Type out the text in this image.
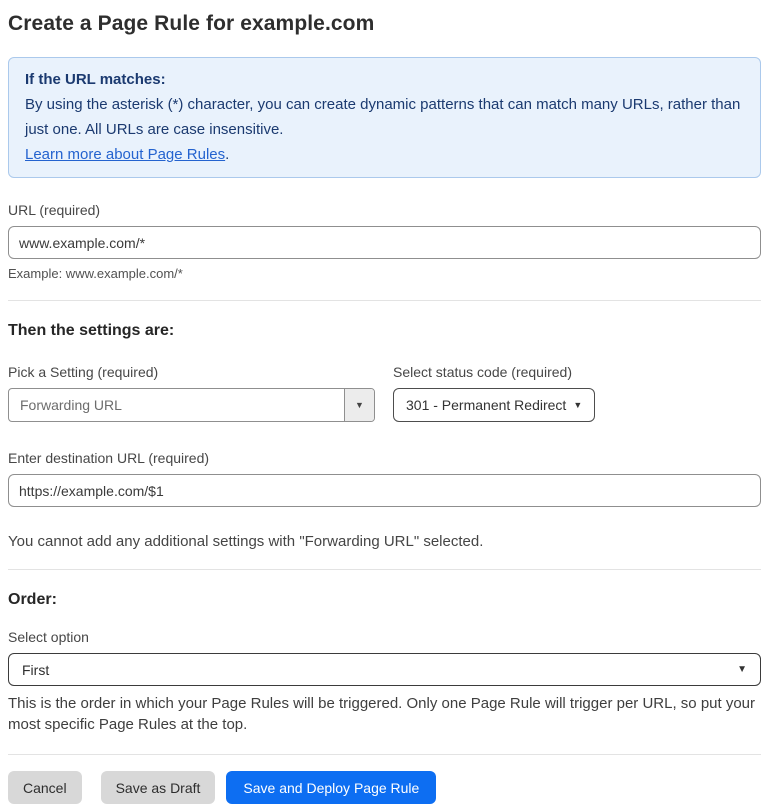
Create a Page Rule for example.com
If the URL matches:
By using the asterisk (*) character, you can create dynamic patterns that can match many URLs, rather than just one. All URLs are case insensitive.
Learn more about Page Rules.
URL (required)
www.example.com/*
Example: www.example.com/*
Then the settings are:
Pick a Setting (required)
Forwarding URL	▼
Select status code (required)
301 - Permanent Redirect ▼
Enter destination URL (required)
https://example.com/$1
You cannot add any additional settings with "Forwarding URL" selected.
Order:
Select option
First	▼
This is the order in which your Page Rules will be triggered. Only one Page Rule will trigger per URL, so put your most specific Page Rules at the top.
Cancel	Save as Draft	Save and Deploy Page Rule
